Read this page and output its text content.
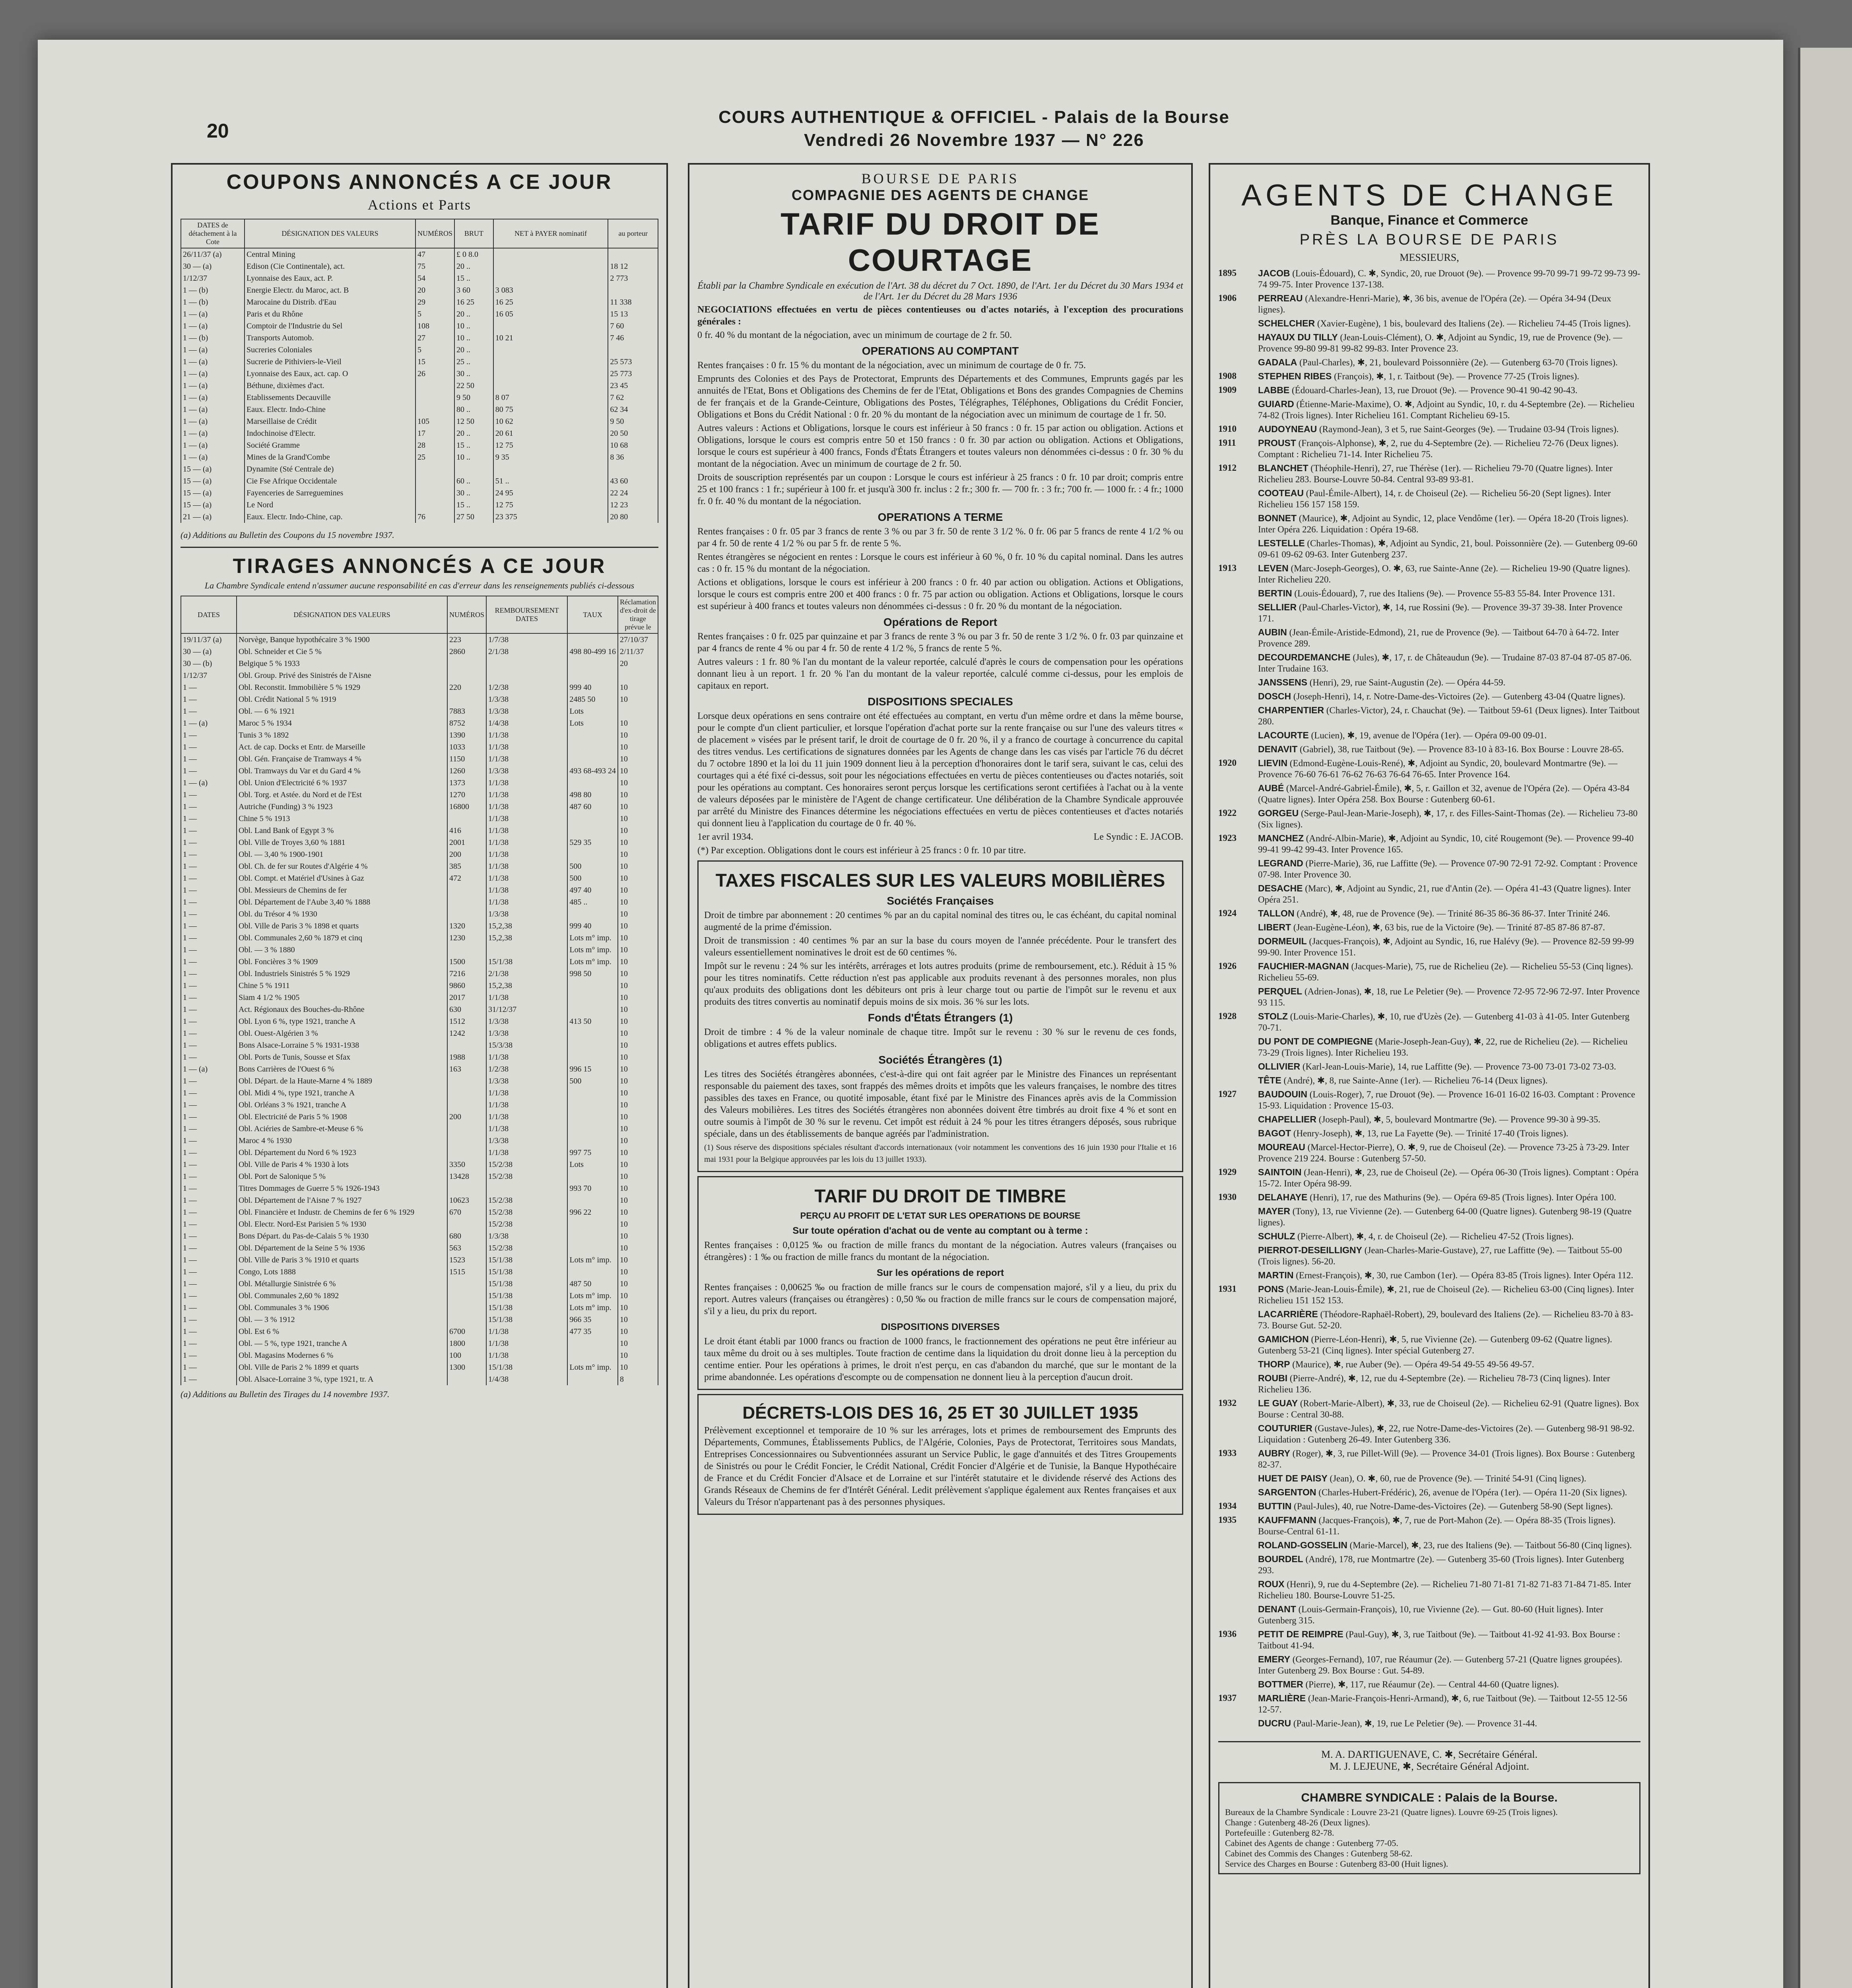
20
COURS AUTHENTIQUE & OFFICIEL - Palais de la Bourse
Vendredi 26 Novembre 1937 — N° 226
COUPONS ANNONCÉS A CE JOUR
Actions et Parts
DATES de détachement à la Cote	DÉSIGNATION DES VALEURS	NUMÉROS	BRUT	NET à PAYER nominatif	au porteur
26/11/37 (a)	Central Mining	47	£ 0 8.0		
30 — (a)	Edison (Cie Continentale), act.	75	20 ..		18 12
1/12/37	Lyonnaise des Eaux, act. P.	54	15 ..		2 773
1 — (b)	Energie Electr. du Maroc, act. B	20	3 60	3 083	
1 — (b)	Marocaine du Distrib. d'Eau	29	16 25	16 25	11 338
1 — (a)	Paris et du Rhône	5	20 ..	16 05	15 13
1 — (a)	Comptoir de l'Industrie du Sel	108	10 ..		7 60
1 — (b)	Transports Automob.	27	10 ..	10 21	7 46
1 — (a)	Sucreries Coloniales	5	20 ..		
1 — (a)	Sucrerie de Pithiviers-le-Vieil	15	25 ..		25 573
1 — (a)	Lyonnaise des Eaux, act. cap. O	26	30 ..		25 773
1 — (a)	Béthune, dixièmes d'act.		22 50		23 45
1 — (a)	Etablissements Decauville		9 50	8 07	7 62
1 — (a)	Eaux. Electr. Indo-Chine		80 ..	80 75	62 34
1 — (a)	Marseillaise de Crédit	105	12 50	10 62	9 50
1 — (a)	Indochinoise d'Electr.	17	20 ..	20 61	20 50
1 — (a)	Société Gramme	28	15 ..	12 75	10 68
1 — (a)	Mines de la Grand'Combe	25	10 ..	9 35	8 36
15 — (a)	Dynamite (Sté Centrale de)				
15 — (a)	Cie Fse Afrique Occidentale		60 ..	51 ..	43 60
15 — (a)	Fayenceries de Sarreguemines		30 ..	24 95	22 24
15 — (a)	Le Nord		15 ..	12 75	12 23
21 — (a)	Eaux. Electr. Indo-Chine, cap.	76	27 50	23 375	20 80
(a) Additions au Bulletin des Coupons du 15 novembre 1937.
TIRAGES ANNONCÉS A CE JOUR
La Chambre Syndicale entend n'assumer aucune responsabilité en cas d'erreur dans les renseignements publiés ci-dessous
DATES	DÉSIGNATION DES VALEURS	NUMÉROS	REMBOURSEMENT DATES	TAUX	Réclamation d'ex-droit de tirage prévue le
19/11/37 (a)	Norvège, Banque hypothécaire 3 % 1900	223	1/7/38		27/10/37
30 — (a)	Obl. Schneider et Cie 5 %	2860	2/1/38	498 80-499 16	2/11/37
30 — (b)	Belgique 5 % 1933				20
1/12/37	Obl. Group. Privé des Sinistrés de l'Aisne				
1 —	Obl. Reconstit. Immobilière 5 % 1929	220	1/2/38	999 40	10
1 —	Obl. Crédit National 5 % 1919		1/3/38	2485 50	10
1 —	Obl. — 6 % 1921	7883	1/3/38	Lots	
1 — (a)	Maroc 5 % 1934	8752	1/4/38	Lots	10
1 —	Tunis 3 % 1892	1390	1/1/38		10
1 —	Act. de cap. Docks et Entr. de Marseille	1033	1/1/38		10
1 —	Obl. Gén. Française de Tramways 4 %	1150	1/1/38		10
1 —	Obl. Tramways du Var et du Gard 4 %	1260	1/3/38	493 68-493 24	10
1 — (a)	Obl. Union d'Electricité 6 % 1937	1373	1/1/38		10
1 —	Obl. Torg. et Astée. du Nord et de l'Est	1270	1/1/38	498 80	10
1 —	Autriche (Funding) 3 % 1923	16800	1/1/38	487 60	10
1 —	Chine 5 % 1913		1/1/38		10
1 —	Obl. Land Bank of Egypt 3 %	416	1/1/38		10
1 —	Obl. Ville de Troyes 3,60 % 1881	2001	1/1/38	529 35	10
1 —	Obl. — 3,40 % 1900-1901	200	1/1/38		10
1 —	Obl. Ch. de fer sur Routes d'Algérie 4 %	385	1/1/38	500	10
1 —	Obl. Compt. et Matériel d'Usines à Gaz	472	1/1/38	500	10
1 —	Obl. Messieurs de Chemins de fer		1/1/38	497 40	10
1 —	Obl. Département de l'Aube 3,40 % 1888		1/1/38	485 ..	10
1 —	Obl. du Trésor 4 % 1930		1/3/38		10
1 —	Obl. Ville de Paris 3 % 1898 et quarts	1320	15,2,38	999 40	10
1 —	Obl. Communales 2,60 % 1879 et cinq	1230	15,2,38	Lots m° imp.	10
1 —	Obl. — 3 % 1880			Lots m° imp.	10
1 —	Obl. Foncières 3 % 1909	1500	15/1/38	Lots m° imp.	10
1 —	Obl. Industriels Sinistrés 5 % 1929	7216	2/1/38	998 50	10
1 —	Chine 5 % 1911	9860	15,2,38		10
1 —	Siam 4 1/2 % 1905	2017	1/1/38		10
1 —	Act. Régionaux des Bouches-du-Rhône	630	31/12/37		10
1 —	Obl. Lyon 6 %, type 1921, tranche A	1512	1/3/38	413 50	10
1 —	Obl. Ouest-Algérien 3 %	1242	1/3/38		10
1 —	Bons Alsace-Lorraine 5 % 1931-1938		15/3/38		10
1 —	Obl. Ports de Tunis, Sousse et Sfax	1988	1/1/38		10
1 — (a)	Bons Carrières de l'Ouest 6 %	163	1/2/38	996 15	10
1 —	Obl. Départ. de la Haute-Marne 4 % 1889		1/3/38	500	10
1 —	Obl. Midi 4 %, type 1921, tranche A		1/1/38		10
1 —	Obl. Orléans 3 % 1921, tranche A		1/1/38		10
1 —	Obl. Electricité de Paris 5 % 1908	200	1/1/38		10
1 —	Obl. Aciéries de Sambre-et-Meuse 6 %		1/1/38		10
1 —	Maroc 4 % 1930		1/3/38		10
1 —	Obl. Département du Nord 6 % 1923		1/1/38	997 75	10
1 —	Obl. Ville de Paris 4 % 1930 à lots	3350	15/2/38	Lots	10
1 —	Obl. Port de Salonique 5 %	13428	15/2/38		10
1 —	Titres Dommages de Guerre 5 % 1926-1943			993 70	10
1 —	Obl. Département de l'Aisne 7 % 1927	10623	15/2/38		10
1 —	Obl. Financière et Industr. de Chemins de fer 6 % 1929	670	15/2/38	996 22	10
1 —	Obl. Electr. Nord-Est Parisien 5 % 1930		15/2/38		10
1 —	Bons Départ. du Pas-de-Calais 5 % 1930	680	1/3/38		10
1 —	Obl. Département de la Seine 5 % 1936	563	15/2/38		10
1 —	Obl. Ville de Paris 3 % 1910 et quarts	1523	15/1/38	Lots m° imp.	10
1 —	Congo, Lots 1888	1515	15/1/38		10
1 —	Obl. Métallurgie Sinistrée 6 %		15/1/38	487 50	10
1 —	Obl. Communales 2,60 % 1892		15/1/38	Lots m° imp.	10
1 —	Obl. Communales 3 % 1906		15/1/38	Lots m° imp.	10
1 —	Obl. — 3 % 1912		15/1/38	966 35	10
1 —	Obl. Est 6 %	6700	1/1/38	477 35	10
1 —	Obl. — 5 %, type 1921, tranche A	1800	1/1/38		10
1 —	Obl. Magasins Modernes 6 %	100	1/1/38		10
1 —	Obl. Ville de Paris 2 % 1899 et quarts	1300	15/1/38	Lots m° imp.	10
1 —	Obl. Alsace-Lorraine 3 %, type 1921, tr. A		1/4/38		8
(a) Additions au Bulletin des Tirages du 14 novembre 1937.
BOURSE DE PARIS
COMPAGNIE DES AGENTS DE CHANGE
TARIF DU DROIT DE COURTAGE
Établi par la Chambre Syndicale en exécution de l'Art. 38 du décret du 7 Oct. 1890, de l'Art. 1er du Décret du 30 Mars 1934 et de l'Art. 1er du Décret du 28 Mars 1936

NEGOCIATIONS effectuées en vertu de pièces contentieuses ou d'actes notariés, à l'exception des procurations générales :

0 fr. 40 % du montant de la négociation, avec un minimum de courtage de 2 fr. 50.

OPERATIONS AU COMPTANT

Rentes françaises : 0 fr. 15 % du montant de la négociation, avec un minimum de courtage de 0 fr. 75.

Emprunts des Colonies et des Pays de Protectorat, Emprunts des Départements et des Communes, Emprunts gagés par les annuités de l'Etat, Bons et Obligations des Chemins de fer de l'Etat, Obligations et Bons des grandes Compagnies de Chemins de fer français et de la Grande-Ceinture, Obligations des Postes, Télégraphes, Téléphones, Obligations du Crédit Foncier, Obligations et Bons du Crédit National : 0 fr. 20 % du montant de la négociation avec un minimum de courtage de 1 fr. 50.

Autres valeurs : Actions et Obligations, lorsque le cours est inférieur à 50 francs : 0 fr. 15 par action ou obligation. Actions et Obligations, lorsque le cours est compris entre 50 et 150 francs : 0 fr. 30 par action ou obligation. Actions et Obligations, lorsque le cours est supérieur à 400 francs, Fonds d'États Étrangers et toutes valeurs non dénommées ci-dessus : 0 fr. 30 % du montant de la négociation. Avec un minimum de courtage de 2 fr. 50.

Droits de souscription représentés par un coupon : Lorsque le cours est inférieur à 25 francs : 0 fr. 10 par droit; compris entre 25 et 100 francs : 1 fr.; supérieur à 100 fr. et jusqu'à 300 fr. inclus : 2 fr.; 300 fr. — 700 fr. : 3 fr.; 700 fr. — 1000 fr. : 4 fr.; 1000 fr. 0 fr. 40 % du montant de la négociation.

OPERATIONS A TERME

Rentes françaises : 0 fr. 05 par 3 francs de rente 3 % ou par 3 fr. 50 de rente 3 1/2 %. 0 fr. 06 par 5 francs de rente 4 1/2 % ou par 4 fr. 50 de rente 4 1/2 % ou par 5 fr. de rente 5 %.

Rentes étrangères se négocient en rentes : Lorsque le cours est inférieur à 60 %, 0 fr. 10 % du capital nominal. Dans les autres cas : 0 fr. 15 % du montant de la négociation.

Actions et obligations, lorsque le cours est inférieur à 200 francs : 0 fr. 40 par action ou obligation. Actions et Obligations, lorsque le cours est compris entre 200 et 400 francs : 0 fr. 75 par action ou obligation. Actions et Obligations, lorsque le cours est supérieur à 400 francs et toutes valeurs non dénommées ci-dessus : 0 fr. 20 % du montant de la négociation.

Opérations de Report

Rentes françaises : 0 fr. 025 par quinzaine et par 3 francs de rente 3 % ou par 3 fr. 50 de rente 3 1/2 %. 0 fr. 03 par quinzaine et par 4 francs de rente 4 % ou par 4 fr. 50 de rente 4 1/2 %, 5 francs de rente 5 %.

Autres valeurs : 1 fr. 80 % l'an du montant de la valeur reportée, calculé d'après le cours de compensation pour les opérations donnant lieu à un report. 1 fr. 20 % l'an du montant de la valeur reportée, calculé comme ci-dessus, pour les emplois de capitaux en report.

DISPOSITIONS SPECIALES

Lorsque deux opérations en sens contraire ont été effectuées au comptant, en vertu d'un même ordre et dans la même bourse, pour le compte d'un client particulier, et lorsque l'opération d'achat porte sur la rente française ou sur l'une des valeurs titres « de placement » visées par le présent tarif, le droit de courtage de 0 fr. 20 %, il y a franco de courtage à concurrence du capital des titres vendus. Les certifications de signatures données par les Agents de change dans les cas visés par l'article 76 du décret du 7 octobre 1890 et la loi du 11 juin 1909 donnent lieu à la perception d'honoraires dont le tarif sera, suivant le cas, celui des courtages qui a été fixé ci-dessus, soit pour les négociations effectuées en vertu de pièces contentieuses ou d'actes notariés, soit pour les opérations au comptant. Ces honoraires seront perçus lorsque les certifications seront certifiées à l'achat ou à la vente de valeurs déposées par le ministère de l'Agent de change certificateur. Une délibération de la Chambre Syndicale approuvée par arrêté du Ministre des Finances détermine les négociations effectuées en vertu de pièces contentieuses et d'actes notariés qui donnent lieu à l'application du courtage de 0 fr. 40 %.

1er avril 1934.	Le Syndic : E. JACOB.

(*) Par exception. Obligations dont le cours est inférieur à 25 francs : 0 fr. 10 par titre.

TAXES FISCALES SUR LES VALEURS MOBILIÈRES
Sociétés Françaises

Droit de timbre par abonnement : 20 centimes % par an du capital nominal des titres ou, le cas échéant, du capital nominal augmenté de la prime d'émission.

Droit de transmission : 40 centimes % par an sur la base du cours moyen de l'année précédente. Pour le transfert des valeurs essentiellement nominatives le droit est de 60 centimes %.

Impôt sur le revenu : 24 % sur les intérêts, arrérages et lots autres produits (prime de remboursement, etc.). Réduit à 15 % pour les titres nominatifs. Cette réduction n'est pas applicable aux produits revenant à des personnes morales, non plus qu'aux produits des obligations dont les débiteurs ont pris à leur charge tout ou partie de l'impôt sur le revenu et aux produits des titres convertis au nominatif depuis moins de six mois. 36 % sur les lots.

Fonds d'États Étrangers (1)

Droit de timbre : 4 % de la valeur nominale de chaque titre. Impôt sur le revenu : 30 % sur le revenu de ces fonds, obligations et autres effets publics.

Sociétés Étrangères (1)

Les titres des Sociétés étrangères abonnées, c'est-à-dire qui ont fait agréer par le Ministre des Finances un représentant responsable du paiement des taxes, sont frappés des mêmes droits et impôts que les valeurs françaises, le nombre des titres passibles des taxes en France, ou quotité imposable, étant fixé par le Ministre des Finances après avis de la Commission des Valeurs mobilières. Les titres des Sociétés étrangères non abonnées doivent être timbrés au droit fixe 4 % et sont en outre soumis à l'impôt de 30 % sur le revenu. Cet impôt est réduit à 24 % pour les titres étrangers déposés, sous rubrique spéciale, dans un des établissements de banque agréés par l'administration.

(1) Sous réserve des dispositions spéciales résultant d'accords internationaux (voir notamment les conventions des 16 juin 1930 pour l'Italie et 16 mai 1931 pour la Belgique approuvées par les lois du 13 juillet 1933).

TARIF DU DROIT DE TIMBRE
PERÇU AU PROFIT DE L'ETAT SUR LES OPERATIONS DE BOURSE
Sur toute opération d'achat ou de vente au comptant ou à terme :

Rentes françaises : 0,0125 ‰ ou fraction de mille francs du montant de la négociation. Autres valeurs (françaises ou étrangères) : 1 ‰ ou fraction de mille francs du montant de la négociation.

Sur les opérations de report

Rentes françaises : 0,00625 ‰ ou fraction de mille francs sur le cours de compensation majoré, s'il y a lieu, du prix du report. Autres valeurs (françaises ou étrangères) : 0,50 ‰ ou fraction de mille francs sur le cours de compensation majoré, s'il y a lieu, du prix du report.

DISPOSITIONS DIVERSES

Le droit étant établi par 1000 francs ou fraction de 1000 francs, le fractionnement des opérations ne peut être inférieur au taux même du droit ou à ses multiples. Toute fraction de centime dans la liquidation du droit donne lieu à la perception du centime entier. Pour les opérations à primes, le droit n'est perçu, en cas d'abandon du marché, que sur le montant de la prime abandonnée. Les opérations d'escompte ou de compensation ne donnent lieu à la perception d'aucun droit.

DÉCRETS-LOIS DES 16, 25 ET 30 JUILLET 1935

Prélèvement exceptionnel et temporaire de 10 % sur les arrérages, lots et primes de remboursement des Emprunts des Départements, Communes, Établissements Publics, de l'Algérie, Colonies, Pays de Protectorat, Territoires sous Mandats, Entreprises Concessionnaires ou Subventionnées assurant un Service Public, le gage d'annuités et des Titres Groupements de Sinistrés ou pour le Crédit Foncier, le Crédit National, Crédit Foncier d'Algérie et de Tunisie, la Banque Hypothécaire de France et du Crédit Foncier d'Alsace et de Lorraine et sur l'intérêt statutaire et le dividende réservé des Actions des Grands Réseaux de Chemins de fer d'Intérêt Général. Ledit prélèvement s'applique également aux Rentes françaises et aux Valeurs du Trésor n'appartenant pas à des personnes physiques.

AGENTS DE CHANGE
Banque, Finance et Commerce
PRÈS LA BOURSE DE PARIS
MESSIEURS,
1895 JACOB (Louis-Édouard), C. ✱, Syndic, 20, rue Drouot (9e). — Provence 99-70 99-71 99-72 99-73 99-74 99-75. Inter Provence 137-138.
1906 PERREAU (Alexandre-Henri-Marie), ✱, 36 bis, avenue de l'Opéra (2e). — Opéra 34-94 (Deux lignes).
SCHELCHER (Xavier-Eugène), 1 bis, boulevard des Italiens (2e). — Richelieu 74-45 (Trois lignes).
HAYAUX DU TILLY (Jean-Louis-Clément), O. ✱, Adjoint au Syndic, 19, rue de Provence (9e). — Provence 99-80 99-81 99-82 99-83. Inter Provence 23.
GADALA (Paul-Charles), ✱, 21, boulevard Poissonnière (2e). — Gutenberg 63-70 (Trois lignes).
1908 STEPHEN RIBES (François), ✱, 1, r. Taitbout (9e). — Provence 77-25 (Trois lignes).
1909 LABBE (Édouard-Charles-Jean), 13, rue Drouot (9e). — Provence 90-41 90-42 90-43.
GUIARD (Étienne-Marie-Maxime), O. ✱, Adjoint au Syndic, 10, r. du 4-Septembre (2e). — Richelieu 74-82 (Trois lignes). Inter Richelieu 161. Comptant Richelieu 69-15.
1910 AUDOYNEAU (Raymond-Jean), 3 et 5, rue Saint-Georges (9e). — Trudaine 03-94 (Trois lignes).
1911 PROUST (François-Alphonse), ✱, 2, rue du 4-Septembre (2e). — Richelieu 72-76 (Deux lignes). Comptant : Richelieu 71-14. Inter Richelieu 75.
1912 BLANCHET (Théophile-Henri), 27, rue Thérèse (1er). — Richelieu 79-70 (Quatre lignes). Inter Richelieu 283. Bourse-Louvre 50-84. Central 93-89 93-81.
COOTEAU (Paul-Émile-Albert), 14, r. de Choiseul (2e). — Richelieu 56-20 (Sept lignes). Inter Richelieu 156 157 158 159.
BONNET (Maurice), ✱, Adjoint au Syndic, 12, place Vendôme (1er). — Opéra 18-20 (Trois lignes). Inter Opéra 226. Liquidation : Opéra 19-68.
LESTELLE (Charles-Thomas), ✱, Adjoint au Syndic, 21, boul. Poissonnière (2e). — Gutenberg 09-60 09-61 09-62 09-63. Inter Gutenberg 237.
1913 LEVEN (Marc-Joseph-Georges), O. ✱, 63, rue Sainte-Anne (2e). — Richelieu 19-90 (Quatre lignes). Inter Richelieu 220.
BERTIN (Louis-Édouard), 7, rue des Italiens (9e). — Provence 55-83 55-84. Inter Provence 131.
SELLIER (Paul-Charles-Victor), ✱, 14, rue Rossini (9e). — Provence 39-37 39-38. Inter Provence 171.
AUBIN (Jean-Émile-Aristide-Edmond), 21, rue de Provence (9e). — Taitbout 64-70 à 64-72. Inter Provence 289.
DECOURDEMANCHE (Jules), ✱, 17, r. de Châteaudun (9e). — Trudaine 87-03 87-04 87-05 87-06. Inter Trudaine 163.
JANSSENS (Henri), 29, rue Saint-Augustin (2e). — Opéra 44-59.
DOSCH (Joseph-Henri), 14, r. Notre-Dame-des-Victoires (2e). — Gutenberg 43-04 (Quatre lignes).
CHARPENTIER (Charles-Victor), 24, r. Chauchat (9e). — Taitbout 59-61 (Deux lignes). Inter Taitbout 280.
LACOURTE (Lucien), ✱, 19, avenue de l'Opéra (1er). — Opéra 09-00 09-01.
DENAVIT (Gabriel), 38, rue Taitbout (9e). — Provence 83-10 à 83-16. Box Bourse : Louvre 28-65.
1920 LIEVIN (Edmond-Eugène-Louis-René), ✱, Adjoint au Syndic, 20, boulevard Montmartre (9e). — Provence 76-60 76-61 76-62 76-63 76-64 76-65. Inter Provence 164.
AUBÉ (Marcel-André-Gabriel-Émile), ✱, 5, r. Gaillon et 32, avenue de l'Opéra (2e). — Opéra 43-84 (Quatre lignes). Inter Opéra 258. Box Bourse : Gutenberg 60-61.
1922 GORGEU (Serge-Paul-Jean-Marie-Joseph), ✱, 17, r. des Filles-Saint-Thomas (2e). — Richelieu 73-80 (Six lignes).
1923 MANCHEZ (André-Albin-Marie), ✱, Adjoint au Syndic, 10, cité Rougemont (9e). — Provence 99-40 99-41 99-42 99-43. Inter Provence 165.
LEGRAND (Pierre-Marie), 36, rue Laffitte (9e). — Provence 07-90 72-91 72-92. Comptant : Provence 07-98. Inter Provence 30.
DESACHE (Marc), ✱, Adjoint au Syndic, 21, rue d'Antin (2e). — Opéra 41-43 (Quatre lignes). Inter Opéra 251.
1924 TALLON (André), ✱, 48, rue de Provence (9e). — Trinité 86-35 86-36 86-37. Inter Trinité 246.
LIBERT (Jean-Eugène-Léon), ✱, 63 bis, rue de la Victoire (9e). — Trinité 87-85 87-86 87-87.
DORMEUIL (Jacques-François), ✱, Adjoint au Syndic, 16, rue Halévy (9e). — Provence 82-59 99-99 99-90. Inter Provence 151.
1926 FAUCHIER-MAGNAN (Jacques-Marie), 75, rue de Richelieu (2e). — Richelieu 55-53 (Cinq lignes). Richelieu 55-69.
PERQUEL (Adrien-Jonas), ✱, 18, rue Le Peletier (9e). — Provence 72-95 72-96 72-97. Inter Provence 93 115.
1928 STOLZ (Louis-Marie-Charles), ✱, 10, rue d'Uzès (2e). — Gutenberg 41-03 à 41-05. Inter Gutenberg 70-71.
DU PONT DE COMPIEGNE (Marie-Joseph-Jean-Guy), ✱, 22, rue de Richelieu (2e). — Richelieu 73-29 (Trois lignes). Inter Richelieu 193.
OLLIVIER (Karl-Jean-Louis-Marie), 14, rue Laffitte (9e). — Provence 73-00 73-01 73-02 73-03.
TÊTE (André), ✱, 8, rue Sainte-Anne (1er). — Richelieu 76-14 (Deux lignes).
1927 BAUDOUIN (Louis-Roger), 7, rue Drouot (9e). — Provence 16-01 16-02 16-03. Comptant : Provence 15-93. Liquidation : Provence 15-03.
CHAPELLIER (Joseph-Paul), ✱, 5, boulevard Montmartre (9e). — Provence 99-30 à 99-35.
BAGOT (Henry-Joseph), ✱, 13, rue La Fayette (9e). — Trinité 17-40 (Trois lignes).
MOUREAU (Marcel-Hector-Pierre), O. ✱, 9, rue de Choiseul (2e). — Provence 73-25 à 73-29. Inter Provence 219 224. Bourse : Gutenberg 57-50.
1929 SAINTOIN (Jean-Henri), ✱, 23, rue de Choiseul (2e). — Opéra 06-30 (Trois lignes). Comptant : Opéra 15-72. Inter Opéra 98-99.
1930 DELAHAYE (Henri), 17, rue des Mathurins (9e). — Opéra 69-85 (Trois lignes). Inter Opéra 100.
MAYER (Tony), 13, rue Vivienne (2e). — Gutenberg 64-00 (Quatre lignes). Gutenberg 98-19 (Quatre lignes).
SCHULZ (Pierre-Albert), ✱, 4, r. de Choiseul (2e). — Richelieu 47-52 (Trois lignes).
PIERROT-DESEILLIGNY (Jean-Charles-Marie-Gustave), 27, rue Laffitte (9e). — Taitbout 55-00 (Trois lignes). 56-20.
MARTIN (Ernest-François), ✱, 30, rue Cambon (1er). — Opéra 83-85 (Trois lignes). Inter Opéra 112.
1931 PONS (Marie-Jean-Louis-Émile), ✱, 21, rue de Choiseul (2e). — Richelieu 63-00 (Cinq lignes). Inter Richelieu 151 152 153.
LACARRIÈRE (Théodore-Raphaël-Robert), 29, boulevard des Italiens (2e). — Richelieu 83-70 à 83-73. Bourse Gut. 52-20.
GAMICHON (Pierre-Léon-Henri), ✱, 5, rue Vivienne (2e). — Gutenberg 09-62 (Quatre lignes). Gutenberg 53-21 (Cinq lignes). Inter spécial Gutenberg 27.
THORP (Maurice), ✱, rue Auber (9e). — Opéra 49-54 49-55 49-56 49-57.
ROUBI (Pierre-André), ✱, 12, rue du 4-Septembre (2e). — Richelieu 78-73 (Cinq lignes). Inter Richelieu 136.
1932 LE GUAY (Robert-Marie-Albert), ✱, 33, rue de Choiseul (2e). — Richelieu 62-91 (Quatre lignes). Box Bourse : Central 30-88.
COUTURIER (Gustave-Jules), ✱, 22, rue Notre-Dame-des-Victoires (2e). — Gutenberg 98-91 98-92. Liquidation : Gutenberg 26-49. Inter Gutenberg 336.
1933 AUBRY (Roger), ✱, 3, rue Pillet-Will (9e). — Provence 34-01 (Trois lignes). Box Bourse : Gutenberg 82-37.
HUET DE PAISY (Jean), O. ✱, 60, rue de Provence (9e). — Trinité 54-91 (Cinq lignes).
SARGENTON (Charles-Hubert-Frédéric), 26, avenue de l'Opéra (1er). — Opéra 11-20 (Six lignes).
1934 BUTTIN (Paul-Jules), 40, rue Notre-Dame-des-Victoires (2e). — Gutenberg 58-90 (Sept lignes).
1935 KAUFFMANN (Jacques-François), ✱, 7, rue de Port-Mahon (2e). — Opéra 88-35 (Trois lignes). Bourse-Central 61-11.
ROLAND-GOSSELIN (Marie-Marcel), ✱, 23, rue des Italiens (9e). — Taitbout 56-80 (Cinq lignes).
BOURDEL (André), 178, rue Montmartre (2e). — Gutenberg 35-60 (Trois lignes). Inter Gutenberg 293.
ROUX (Henri), 9, rue du 4-Septembre (2e). — Richelieu 71-80 71-81 71-82 71-83 71-84 71-85. Inter Richelieu 180. Bourse-Louvre 51-25.
DENANT (Louis-Germain-François), 10, rue Vivienne (2e). — Gut. 80-60 (Huit lignes). Inter Gutenberg 315.
1936 PETIT DE REIMPRE (Paul-Guy), ✱, 3, rue Taitbout (9e). — Taitbout 41-92 41-93. Box Bourse : Taitbout 41-94.
EMERY (Georges-Fernand), 107, rue Réaumur (2e). — Gutenberg 57-21 (Quatre lignes groupées). Inter Gutenberg 29. Box Bourse : Gut. 54-89.
BOTTMER (Pierre), ✱, 117, rue Réaumur (2e). — Central 44-60 (Quatre lignes).
1937 MARLIÈRE (Jean-Marie-François-Henri-Armand), ✱, 6, rue Taitbout (9e). — Taitbout 12-55 12-56 12-57.
DUCRU (Paul-Marie-Jean), ✱, 19, rue Le Peletier (9e). — Provence 31-44.
M. A. DARTIGUENAVE, C. ✱, Secrétaire Général.
M. J. LEJEUNE, ✱, Secrétaire Général Adjoint.
CHAMBRE SYNDICALE : Palais de la Bourse.
Bureaux de la Chambre Syndicale : Louvre 23-21 (Quatre lignes). Louvre 69-25 (Trois lignes).
Change : Gutenberg 48-26 (Deux lignes).
Portefeuille : Gutenberg 82-78.
Cabinet des Agents de change : Gutenberg 77-05.
Cabinet des Commis des Changes : Gutenberg 58-62.
Service des Charges en Bourse : Gutenberg 83-00 (Huit lignes).
